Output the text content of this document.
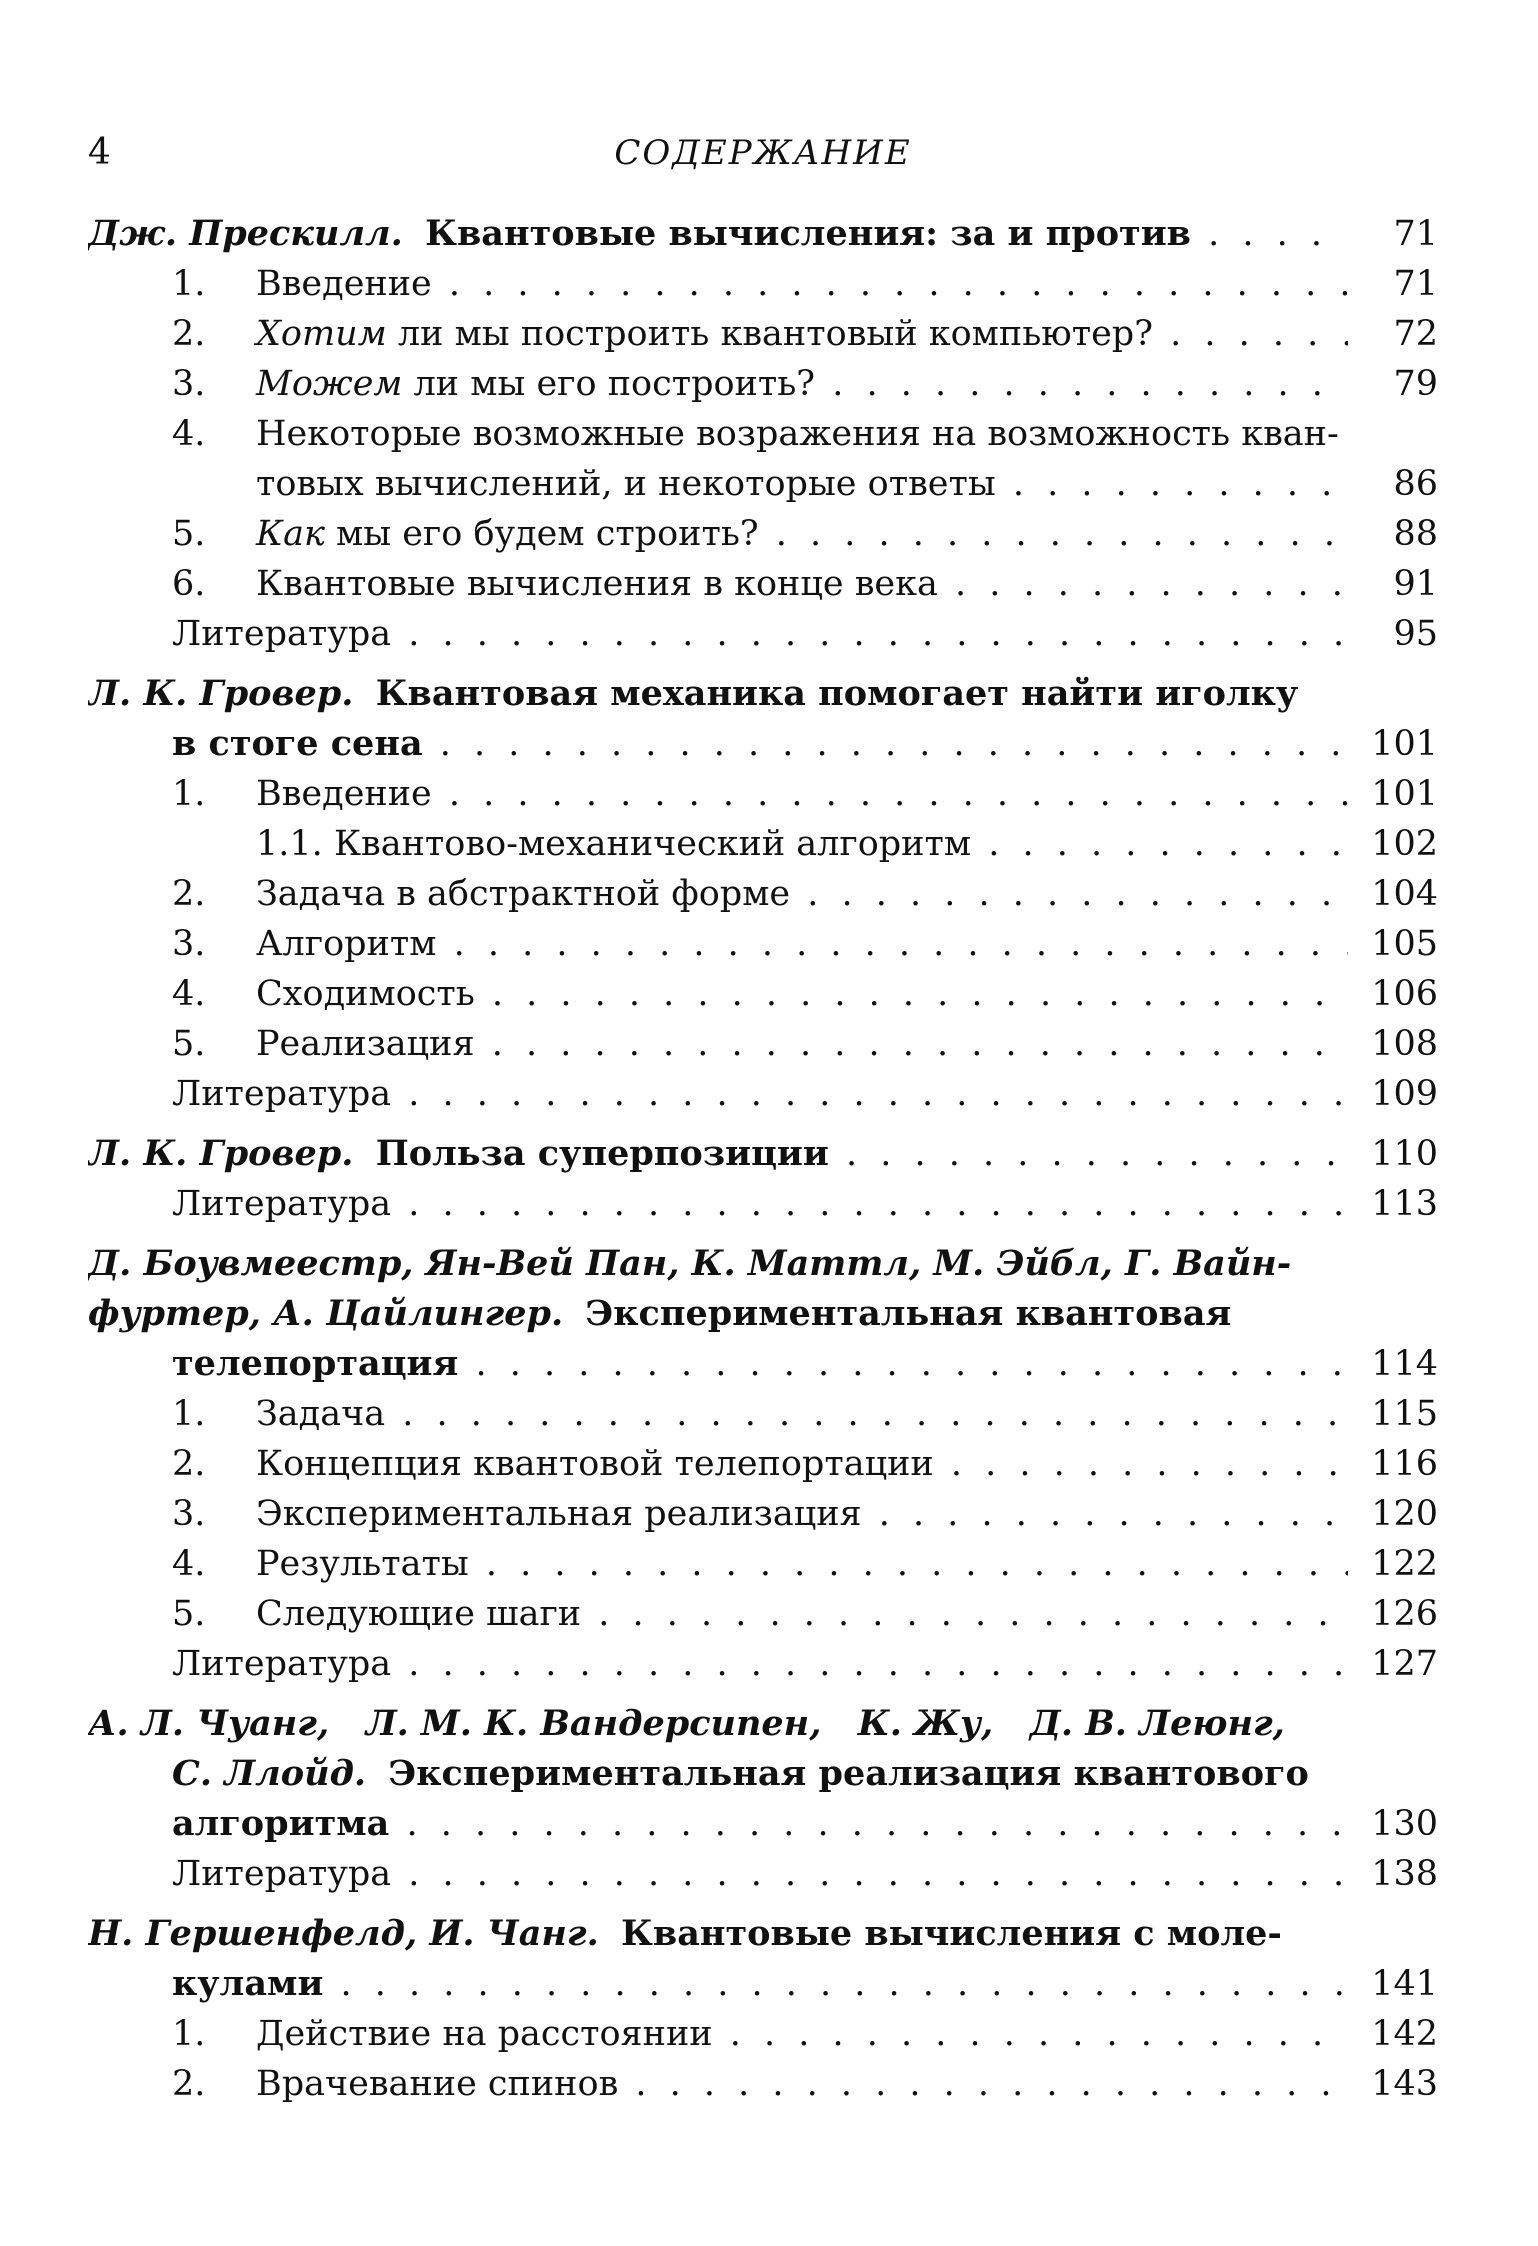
4	СОДЕРЖАНИЕ
Дж. Прескилл. Квантовые вычисления: за и против . . .	71
1. Введение . . .	71
2. Хотим ли мы построить квантовый компьютер? . . .	72
3. Можем ли мы его построить? . . .	79
4. Некоторые возможные возражения на возможность кван-
товых вычислений, и некоторые ответы . . .	86
5. Как мы его будем строить? . . .	88
6. Квантовые вычисления в конце века . . .	91
Литература . . .	95
Л. К. Гровер. Квантовая механика помогает найти иголку
в стоге сена . . .	101
1. Введение . . .	101
1.1. Квантово-механический алгоритм . . .	102
2. Задача в абстрактной форме . . .	104
3. Алгоритм . . .	105
4. Сходимость . . .	106
5. Реализация . . .	108
Литература . . .	109
Л. К. Гровер. Польза суперпозиции . . .	110
Литература . . .	113
Д. Боувмеестр, Ян-Вей Пан, К. Маттл, М. Эйбл, Г. Вайн-
фуртер, А. Цайлингер. Экспериментальная квантовая
телепортация . . .	114
1. Задача . . .	115
2. Концепция квантовой телепортации . . .	116
3. Экспериментальная реализация . . .	120
4. Результаты . . .	122
5. Следующие шаги . . .	126
Литература . . .	127
А. Л. Чуанг,   Л. М. К. Вандерсипен,   К. Жу,   Д. В. Леюнг,
С. Ллойд. Экспериментальная реализация квантового
алгоритма . . .	130
Литература . . .	138
Н. Гершенфелд, И. Чанг. Квантовые вычисления с моле-
кулами . . .	141
1. Действие на расстоянии . . .	142
2. Врачевание спинов . . .	143
